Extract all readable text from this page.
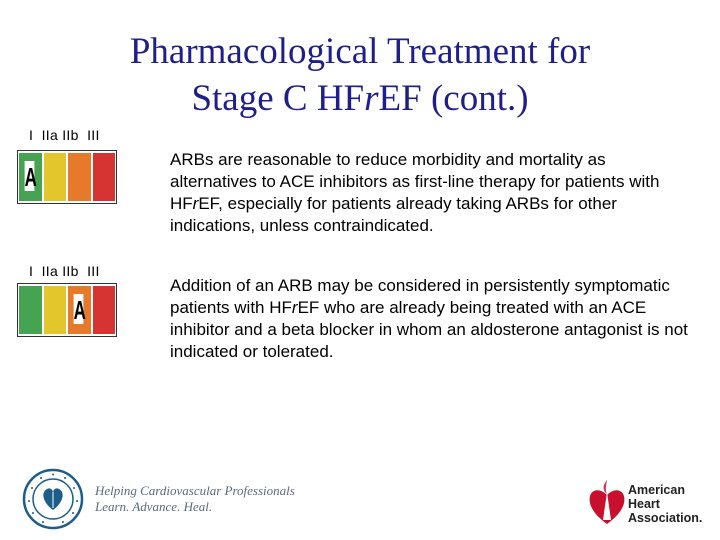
Pharmacological Treatment for
Stage C HFrEF (cont.)
I  IIa IIb  III
A
ARBs are reasonable to reduce morbidity and mortality as alternatives to ACE inhibitors as first-line therapy for patients with HFrEF, especially for patients already taking ARBs for other indications, unless contraindicated.
I  IIa IIb  III
A
Addition of an ARB may be considered in persistently symptomatic patients with HFrEF who are already being treated with an ACE inhibitor and a beta blocker in whom an aldosterone antagonist is not indicated or tolerated.
Helping Cardiovascular Professionals
Learn. Advance. Heal.
American
Heart
Association.
